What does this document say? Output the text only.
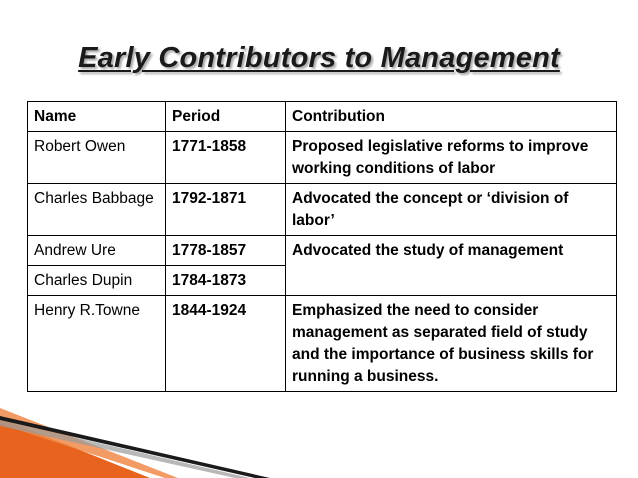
Early Contributors to Management
Name	Period	Contribution
Robert Owen	1771-1858	Proposed legislative reforms to improve working conditions of labor
Charles Babbage	1792-1871	Advocated the concept or ‘division of labor’
Andrew Ure	1778-1857	Advocated the study of management
Charles Dupin	1784-1873	
Henry R.Towne	1844-1924	Emphasized the need to consider management as separated field of study and the importance of business skills for running a business.
